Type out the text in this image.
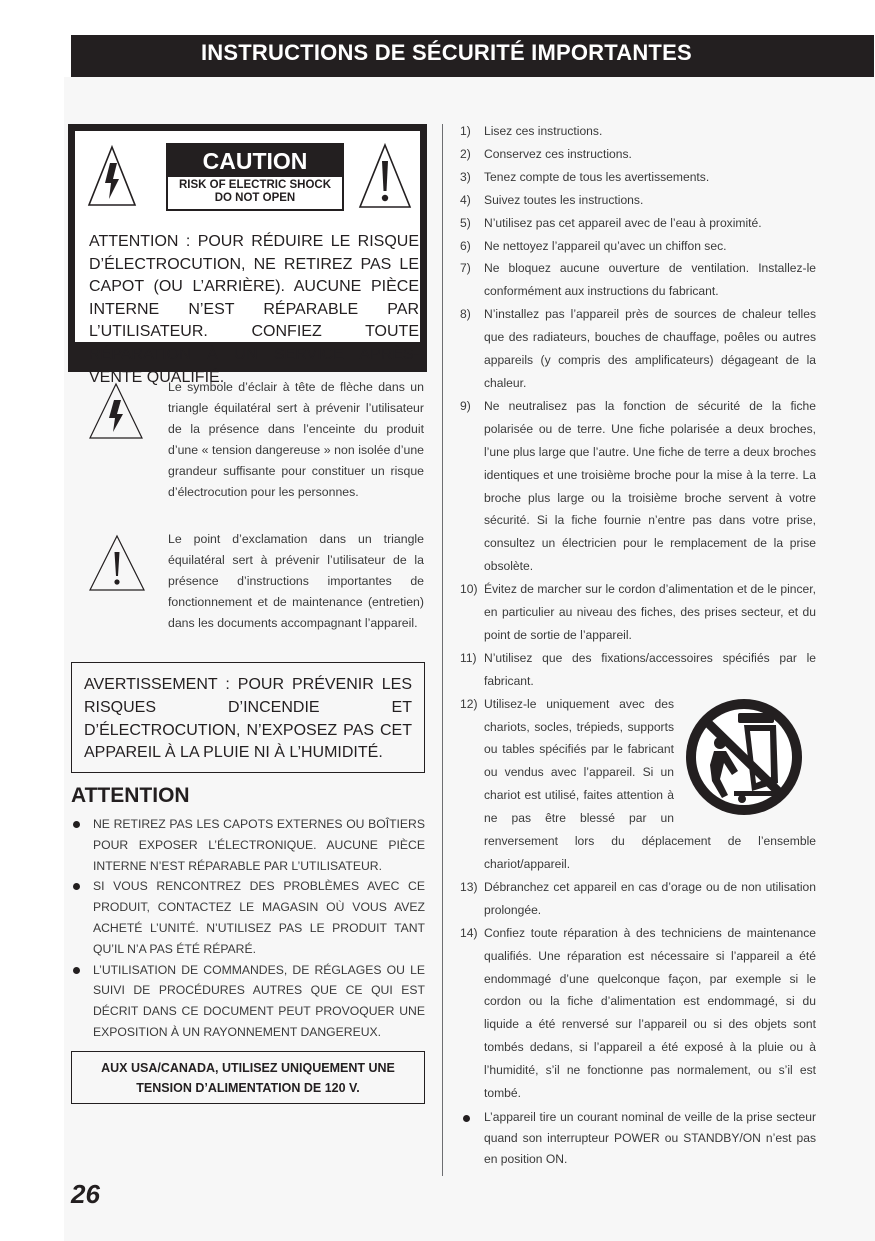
INSTRUCTIONS DE SÉCURITÉ IMPORTANTES
CAUTION
RISK OF ELECTRIC SHOCK
DO NOT OPEN
ATTENTION : POUR RÉDUIRE LE RISQUE D’ÉLECTROCUTION, NE RETIREZ PAS LE CAPOT (OU L’ARRIÈRE). AUCUNE PIÈCE INTERNE N’EST RÉPARABLE PAR L’UTILISATEUR. CONFIEZ TOUTE RÉPARATION À UN SERVICE APRÈS-VENTE QUALIFIÉ.
Le symbole d’éclair à tête de flèche dans un triangle équilatéral sert à prévenir l’utilisateur de la présence dans l’enceinte du produit d’une « tension dangereuse » non isolée d’une grandeur suffisante pour constituer un risque d’électrocution pour les personnes.
Le point d’exclamation dans un triangle équilatéral sert à prévenir l’utilisateur de la présence d’instructions importantes de fonctionnement et de maintenance (entretien) dans les documents accompagnant l’appareil.
AVERTISSEMENT : POUR PRÉVENIR LES RISQUES D’INCENDIE ET D’ÉLECTROCUTION, N’EXPOSEZ PAS CET APPAREIL À LA PLUIE NI À L’HUMIDITÉ.
ATTENTION
NE RETIREZ PAS LES CAPOTS EXTERNES OU BOÎTIERS POUR EXPOSER L’ÉLECTRONIQUE. AUCUNE PIÈCE INTERNE N’EST RÉPARABLE PAR L’UTILISATEUR.
SI VOUS RENCONTREZ DES PROBLÈMES AVEC CE PRODUIT, CONTACTEZ LE MAGASIN OÙ VOUS AVEZ ACHETÉ L’UNITÉ. N’UTILISEZ PAS LE PRODUIT TANT QU’IL N’A PAS ÉTÉ RÉPARÉ.
L’UTILISATION DE COMMANDES, DE RÉGLAGES OU LE SUIVI DE PROCÉDURES AUTRES QUE CE QUI EST DÉCRIT DANS CE DOCUMENT PEUT PROVOQUER UNE EXPOSITION À UN RAYONNEMENT DANGEREUX.
AUX USA/CANADA, UTILISEZ UNIQUEMENT UNE
TENSION D’ALIMENTATION DE 120 V.
26
1) Lisez ces instructions.
2) Conservez ces instructions.
3) Tenez compte de tous les avertissements.
4) Suivez toutes les instructions.
5) N’utilisez pas cet appareil avec de l’eau à proximité.
6) Ne nettoyez l’appareil qu’avec un chiffon sec.
7) Ne bloquez aucune ouverture de ventilation. Installez-le conformément aux instructions du fabricant.
8) N’installez pas l’appareil près de sources de chaleur telles que des radiateurs, bouches de chauffage, poêles ou autres appareils (y compris des amplificateurs) dégageant de la chaleur.
9) Ne neutralisez pas la fonction de sécurité de la fiche polarisée ou de terre. Une fiche polarisée a deux broches, l’une plus large que l’autre. Une fiche de terre a deux broches identiques et une troisième broche pour la mise à la terre. La broche plus large ou la troisième broche servent à votre sécurité. Si la fiche fournie n’entre pas dans votre prise, consultez un électricien pour le remplacement de la prise obsolète.
10) Évitez de marcher sur le cordon d’alimentation et de le pincer, en particulier au niveau des fiches, des prises secteur, et du point de sortie de l’appareil.
11) N’utilisez que des fixations/accessoires spécifiés par le fabricant.
12) Utilisez-le uniquement avec des chariots, socles, trépieds, supports ou tables spécifiés par le fabricant ou vendus avec l’appareil. Si un chariot est utilisé, faites attention à ne pas être blessé par un renversement lors du déplacement de l’ensemble chariot/appareil.
13) Débranchez cet appareil en cas d’orage ou de non utilisation prolongée.
14) Confiez toute réparation à des techniciens de maintenance qualifiés. Une réparation est nécessaire si l’appareil a été endommagé d’une quelconque façon, par exemple si le cordon ou la fiche d’alimentation est endommagé, si du liquide a été renversé sur l’appareil ou si des objets sont tombés dedans, si l’appareil a été exposé à la pluie ou à l’humidité, s’il ne fonctionne pas normalement, ou s’il est tombé.
L’appareil tire un courant nominal de veille de la prise secteur quand son interrupteur POWER ou STANDBY/ON n’est pas en position ON.
